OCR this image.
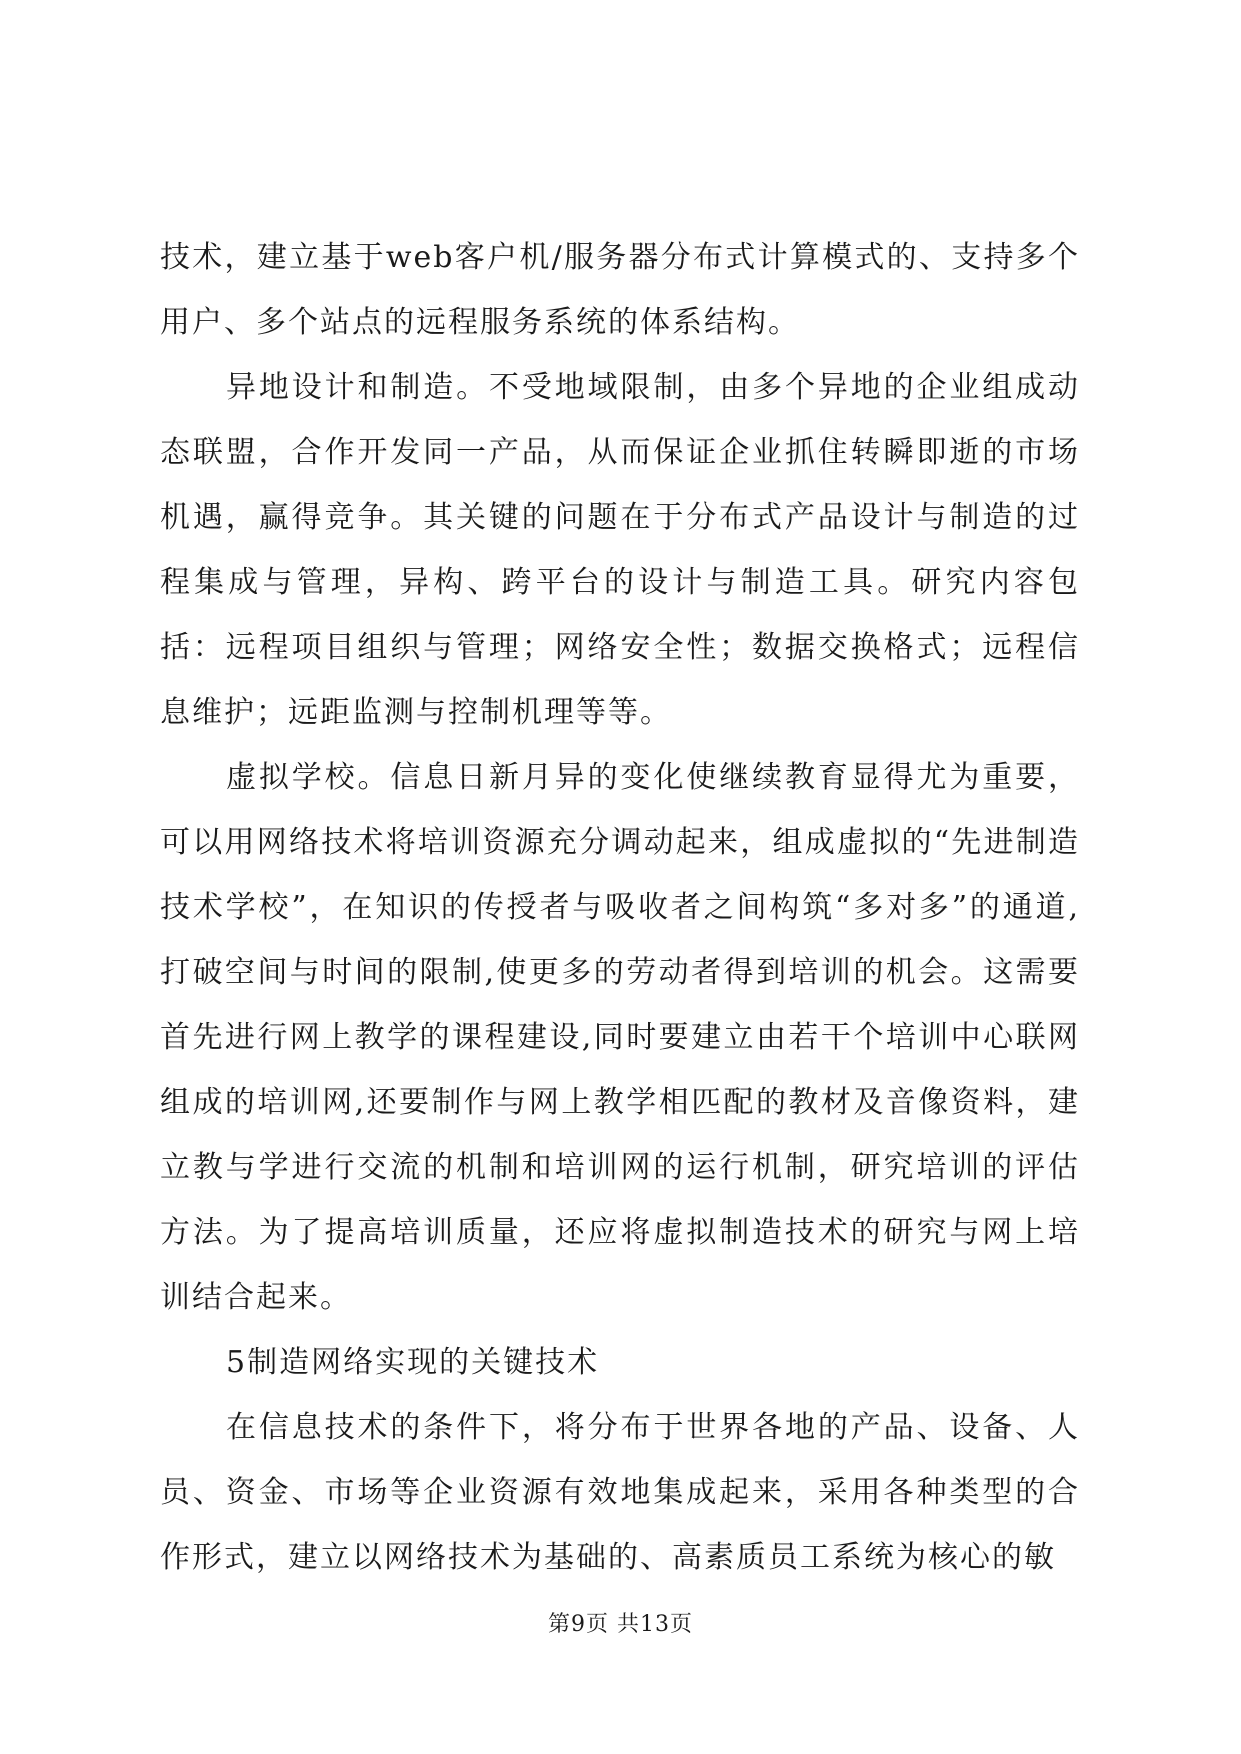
技术，建立基于web客户机/服务器分布式计算模式的、支持多个用户、多个站点的远程服务系统的体系结构。

异地设计和制造。不受地域限制，由多个异地的企业组成动态联盟，合作开发同一产品，从而保证企业抓住转瞬即逝的市场机遇，赢得竞争。其关键的问题在于分布式产品设计与制造的过程集成与管理，异构、跨平台的设计与制造工具。研究内容包括：远程项目组织与管理；网络安全性；数据交换格式；远程信息维护；远距监测与控制机理等等。

虚拟学校。信息日新月异的变化使继续教育显得尤为重要，可以用网络技术将培训资源充分调动起来，组成虚拟的“先进制造技术学校”，在知识的传授者与吸收者之间构筑“多对多”的通道,打破空间与时间的限制,使更多的劳动者得到培训的机会。这需要首先进行网上教学的课程建设,同时要建立由若干个培训中心联网组成的培训网,还要制作与网上教学相匹配的教材及音像资料，建立教与学进行交流的机制和培训网的运行机制，研究培训的评估方法。为了提高培训质量，还应将虚拟制造技术的研究与网上培训结合起来。

5制造网络实现的关键技术

在信息技术的条件下，将分布于世界各地的产品、设备、人员、资金、市场等企业资源有效地集成起来，采用各种类型的合作形式，建立以网络技术为基础的、高素质员工系统为核心的敏

第9页 共13页
